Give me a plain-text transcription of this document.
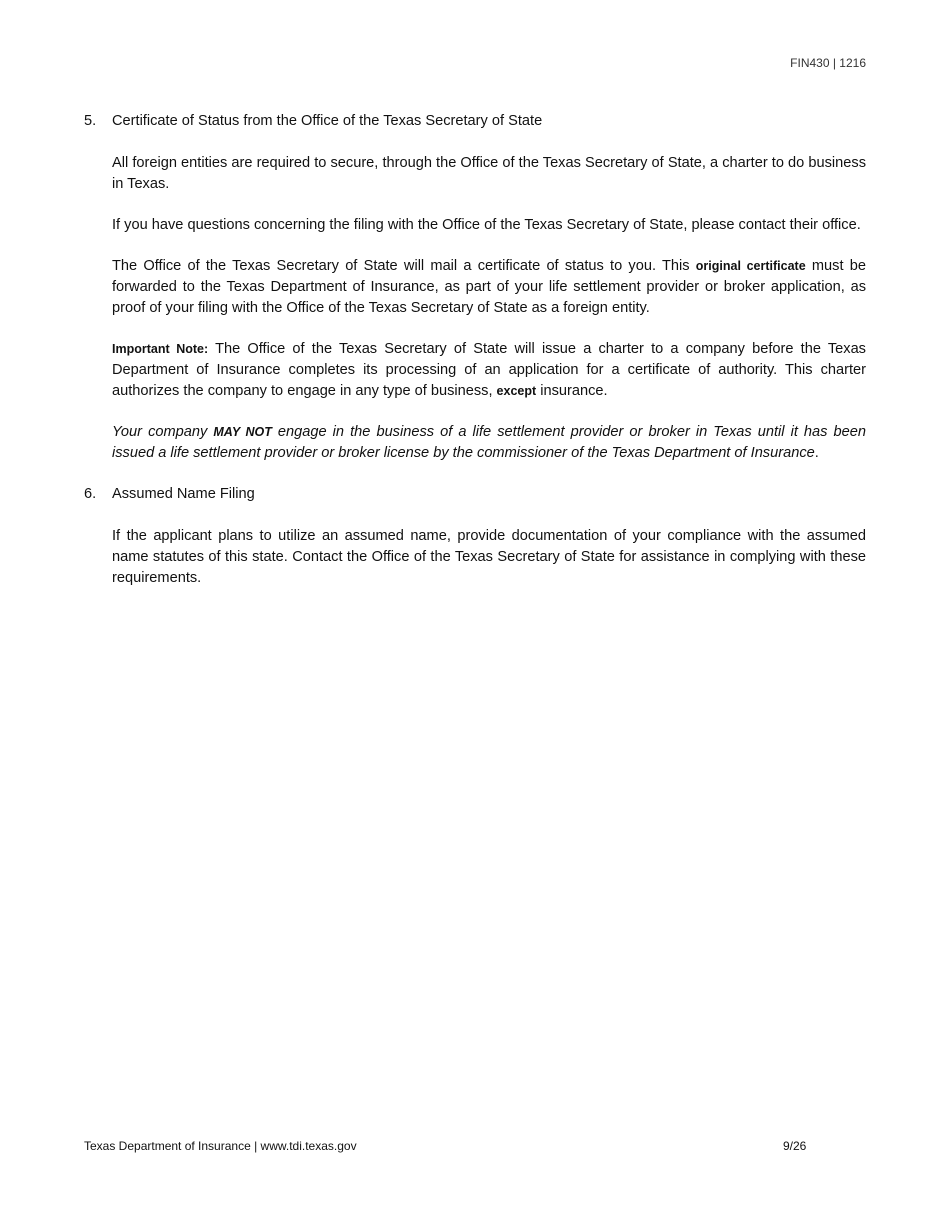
FIN430 | 1216
5.	Certificate of Status from the Office of the Texas Secretary of State

All foreign entities are required to secure, through the Office of the Texas Secretary of State, a charter to do business in Texas.

If you have questions concerning the filing with the Office of the Texas Secretary of State, please contact their office.

The Office of the Texas Secretary of State will mail a certificate of status to you. This original certificate must be forwarded to the Texas Department of Insurance, as part of your life settlement provider or broker application, as proof of your filing with the Office of the Texas Secretary of State as a foreign entity.

Important Note: The Office of the Texas Secretary of State will issue a charter to a company before the Texas Department of Insurance completes its processing of an application for a certificate of authority. This charter authorizes the company to engage in any type of business, except insurance.

Your company MAY NOT engage in the business of a life settlement provider or broker in Texas until it has been issued a life settlement provider or broker license by the commissioner of the Texas Department of Insurance.

6.	Assumed Name Filing

If the applicant plans to utilize an assumed name, provide documentation of your compliance with the assumed name statutes of this state. Contact the Office of the Texas Secretary of State for assistance in complying with these requirements.

Texas Department of Insurance | www.tdi.texas.gov	9/26
